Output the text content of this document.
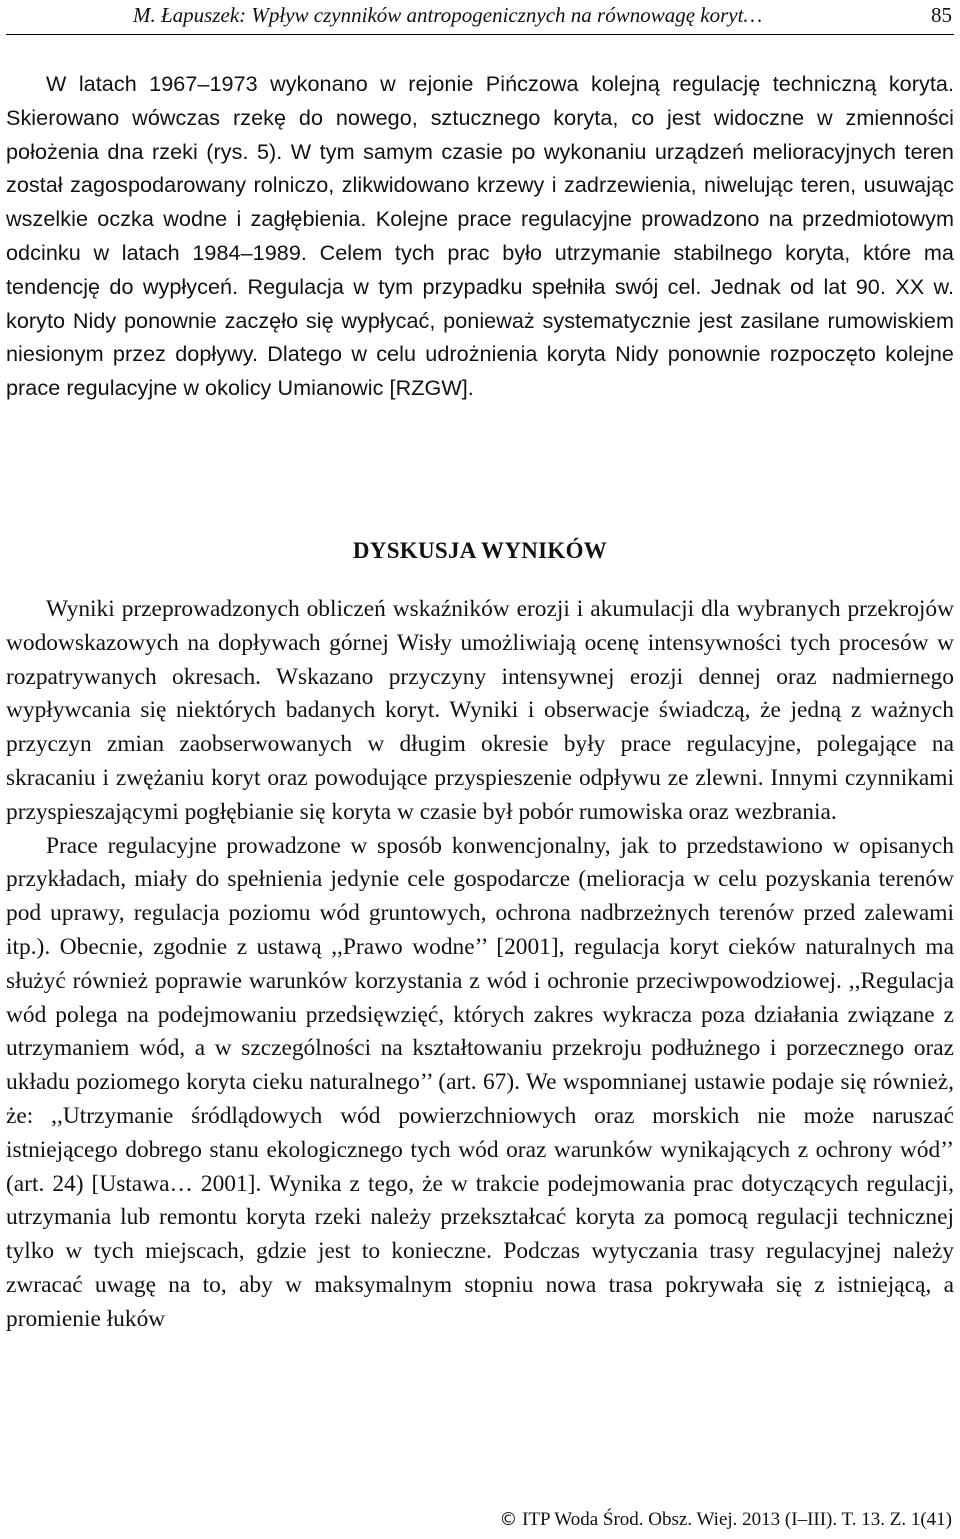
M. Łapuszek: Wpływ czynników antropogenicznych na równowagę koryt…	85

W latach 1967–1973 wykonano w rejonie Pińczowa kolejną regulację techniczną koryta. Skierowano wówczas rzekę do nowego, sztucznego koryta, co jest widoczne w zmienności położenia dna rzeki (rys. 5). W tym samym czasie po wykonaniu urządzeń melioracyjnych teren został zagospodarowany rolniczo, zlikwidowano krzewy i zadrzewienia, niwelując teren, usuwając wszelkie oczka wodne i zagłębienia. Kolejne prace regulacyjne prowadzono na przedmiotowym odcinku w latach 1984–1989. Celem tych prac było utrzymanie stabilnego koryta, które ma tendencję do wypłyceń. Regulacja w tym przypadku spełniła swój cel. Jednak od lat 90. XX w. koryto Nidy ponownie zaczęło się wypłycać, ponieważ systematycznie jest zasilane rumowiskiem niesionym przez dopływy. Dlatego w celu udrożnienia koryta Nidy ponownie rozpoczęto kolejne prace regulacyjne w okolicy Umianowic [RZGW].

DYSKUSJA WYNIKÓW

Wyniki przeprowadzonych obliczeń wskaźników erozji i akumulacji dla wybranych przekrojów wodowskazowych na dopływach górnej Wisły umożliwiają ocenę intensywności tych procesów w rozpatrywanych okresach. Wskazano przyczyny intensywnej erozji dennej oraz nadmiernego wypływcania się niektórych badanych koryt. Wyniki i obserwacje świadczą, że jedną z ważnych przyczyn zmian zaobserwowanych w długim okresie były prace regulacyjne, polegające na skracaniu i zwężaniu koryt oraz powodujące przyspieszenie odpływu ze zlewni. Innymi czynnikami przyspieszającymi pogłębianie się koryta w czasie był pobór rumowiska oraz wezbrania.

Prace regulacyjne prowadzone w sposób konwencjonalny, jak to przedstawiono w opisanych przykładach, miały do spełnienia jedynie cele gospodarcze (melioracja w celu pozyskania terenów pod uprawy, regulacja poziomu wód gruntowych, ochrona nadbrzeżnych terenów przed zalewami itp.). Obecnie, zgodnie z ustawą ,,Prawo wodne’’ [2001], regulacja koryt cieków naturalnych ma służyć również poprawie warunków korzystania z wód i ochronie przeciwpowodziowej. ,,Regulacja wód polega na podejmowaniu przedsięwzięć, których zakres wykracza poza działania związane z utrzymaniem wód, a w szczególności na kształtowaniu przekroju podłużnego i porzecznego oraz układu poziomego koryta cieku naturalnego’’ (art. 67). We wspomnianej ustawie podaje się również, że: ,,Utrzymanie śródlądowych wód powierzchniowych oraz morskich nie może naruszać istniejącego dobrego stanu ekologicznego tych wód oraz warunków wynikających z ochrony wód’’ (art. 24) [Ustawa… 2001]. Wynika z tego, że w trakcie podejmowania prac dotyczących regulacji, utrzymania lub remontu koryta rzeki należy przekształcać koryta za pomocą regulacji technicznej tylko w tych miejscach, gdzie jest to konieczne. Podczas wytyczania trasy regulacyjnej należy zwracać uwagę na to, aby w maksymalnym stopniu nowa trasa pokrywała się z istniejącą, a promienie łuków

© ITP Woda Środ. Obsz. Wiej. 2013 (I–III). T. 13. Z. 1(41)
